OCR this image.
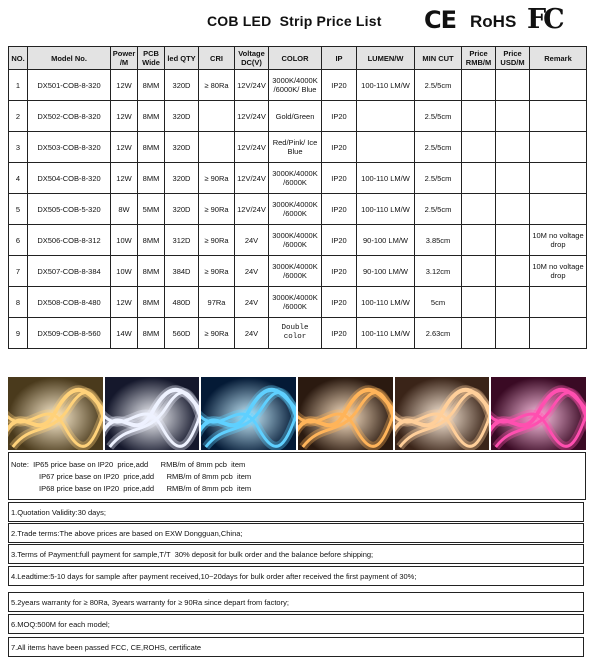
COB LED  Strip Price List CE RoHS FC
NO.	Model No.	Power /M	PCB Wide	led QTY	CRI	Voltage DC(V)	COLOR	IP	LUMEN/W	MIN CUT	Price RMB/M	Price USD/M	Remark
1	DX501-COB-8-320	12W	8MM	320D	≥ 80Ra	12V/24V	3000K/4000K /6000K/ Blue	IP20	100-110 LM/W	2.5/5cm			
2	DX502-COB-8-320	12W	8MM	320D		12V/24V	Gold/Green	IP20		2.5/5cm			
3	DX503-COB-8-320	12W	8MM	320D		12V/24V	Red/Pink/ Ice Blue	IP20		2.5/5cm			
4	DX504-COB-8-320	12W	8MM	320D	≥ 90Ra	12V/24V	3000K/4000K /6000K	IP20	100-110 LM/W	2.5/5cm			
5	DX505-COB-5-320	8W	5MM	320D	≥ 90Ra	12V/24V	3000K/4000K /6000K	IP20	100-110 LM/W	2.5/5cm			
6	DX506-COB-8-312	10W	8MM	312D	≥ 90Ra	24V	3000K/4000K /6000K	IP20	90-100 LM/W	3.85cm			10M no voltage drop
7	DX507-COB-8-384	10W	8MM	384D	≥ 90Ra	24V	3000K/4000K /6000K	IP20	90-100 LM/W	3.12cm			10M no voltage drop
8	DX508-COB-8-480	12W	8MM	480D	97Ra	24V	3000K/4000K /6000K	IP20	100-110 LM/W	5cm			
9	DX509-COB-8-560	14W	8MM	560D	≥ 90Ra	24V	Double color	IP20	100-110 LM/W	2.63cm			
Note:  IP65 price base on IP20  price,add      RMB/m of 8mm pcb  item
IP67 price base on IP20  price,add      RMB/m of 8mm pcb  item
IP68 price base on IP20  price,add      RMB/m of 8mm pcb  item
1.Quotation Validity:30 days;
2.Trade terms:The above prices are based on EXW Dongguan,China;
3.Terms of Payment:full payment for sample,T/T  30% deposit for bulk order and the balance before shipping;
4.Leadtime:5-10 days for sample after payment received,10~20days for bulk order after received the first payment of 30%;
5.2years warranty for ≥ 80Ra, 3years warranty for ≥ 90Ra since depart from factory;
6.MOQ:500M for each model;
7.All items have been passed FCC, CE,ROHS, certificate
